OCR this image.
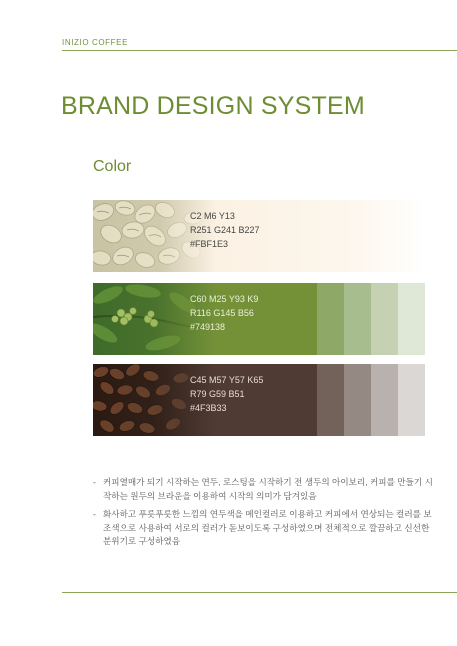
INIZIO COFFEE
BRAND DESIGN SYSTEM
Color
C2 M6 Y13
R251 G241 B227
#FBF1E3
C60 M25 Y93 K9
R116 G145 B56
#749138
C45 M57 Y57 K65
R79 G59 B51
#4F3B33
- 커피열매가 되기 시작하는 연두, 로스팅을 시작하기 전 생두의 아이보리, 커피를 만들기 시작하는 원두의 브라운을 이용하여 시작의 의미가 담겨있음
- 화사하고 푸릇푸릇한 느낌의 연두색을 메인컬러로 이용하고 커피에서 연상되는 컬러를 보조색으로 사용하여 서로의 컬러가 돋보이도록 구성하였으며 전체적으로 깔끔하고 신선한 분위기로 구성하였음
